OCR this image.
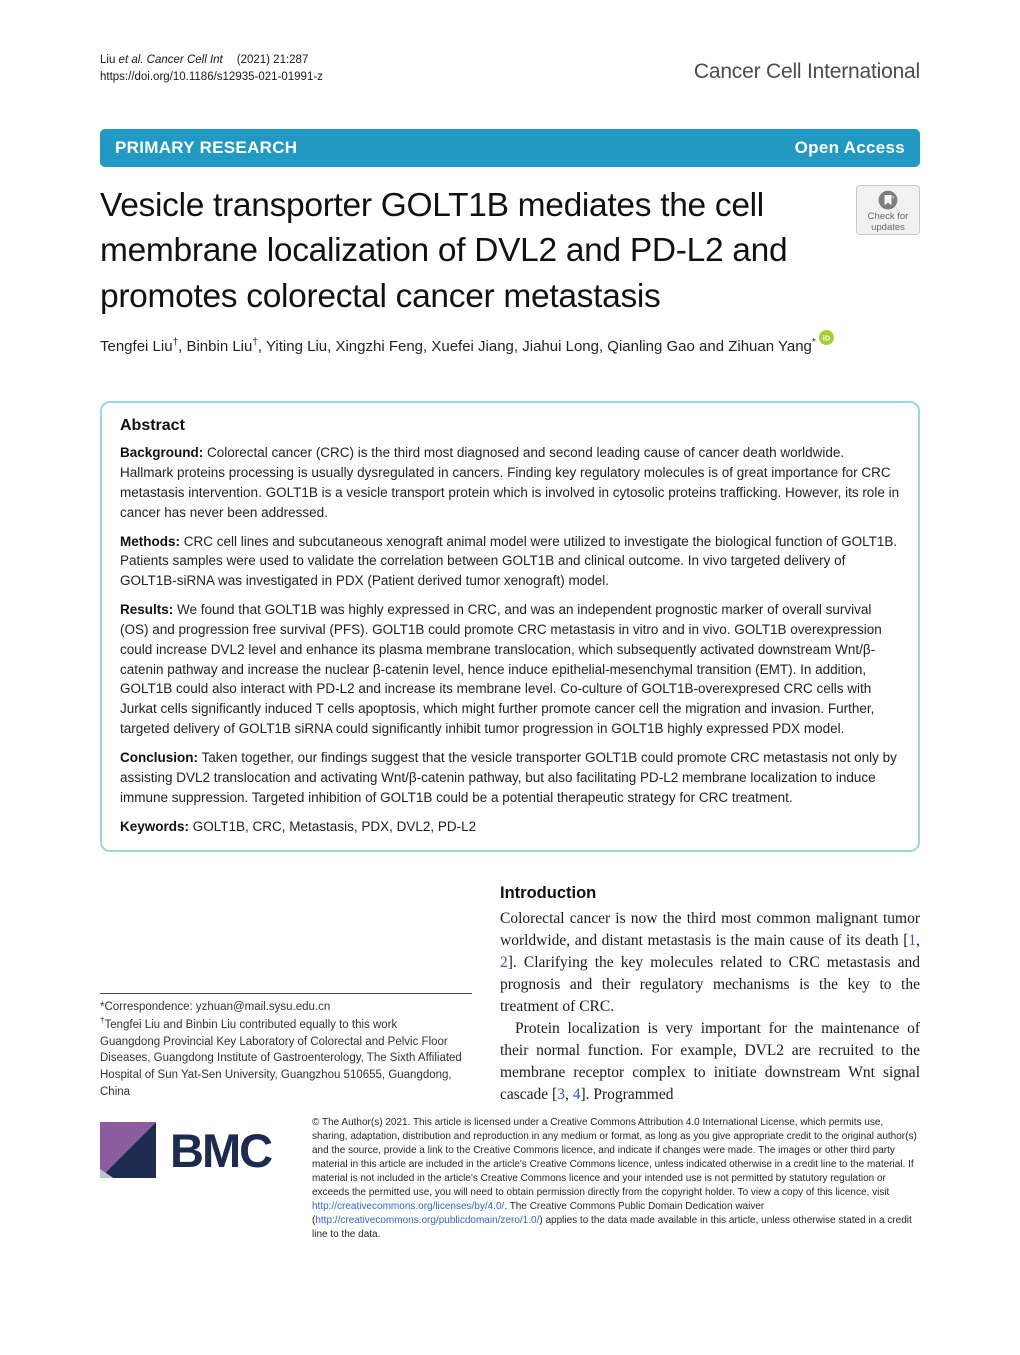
Liu et al. Cancer Cell Int (2021) 21:287
https://doi.org/10.1186/s12935-021-01991-z	Cancer Cell International
PRIMARY RESEARCH	Open Access
Vesicle transporter GOLT1B mediates the cell membrane localization of DVL2 and PD-L2 and promotes colorectal cancer metastasis
Check for
updates
Tengfei Liu†, Binbin Liu†, Yiting Liu, Xingzhi Feng, Xuefei Jiang, Jiahui Long, Qianling Gao and Zihuan Yang* iD
Abstract

Background: Colorectal cancer (CRC) is the third most diagnosed and second leading cause of cancer death worldwide. Hallmark proteins processing is usually dysregulated in cancers. Finding key regulatory molecules is of great importance for CRC metastasis intervention. GOLT1B is a vesicle transport protein which is involved in cytosolic proteins trafficking. However, its role in cancer has never been addressed.

Methods: CRC cell lines and subcutaneous xenograft animal model were utilized to investigate the biological function of GOLT1B. Patients samples were used to validate the correlation between GOLT1B and clinical outcome. In vivo targeted delivery of GOLT1B-siRNA was investigated in PDX (Patient derived tumor xenograft) model.

Results: We found that GOLT1B was highly expressed in CRC, and was an independent prognostic marker of overall survival (OS) and progression free survival (PFS). GOLT1B could promote CRC metastasis in vitro and in vivo. GOLT1B overexpression could increase DVL2 level and enhance its plasma membrane translocation, which subsequently activated downstream Wnt/β-catenin pathway and increase the nuclear β-catenin level, hence induce epithelial-mesenchymal transition (EMT). In addition, GOLT1B could also interact with PD-L2 and increase its membrane level. Co-culture of GOLT1B-overexpresed CRC cells with Jurkat cells significantly induced T cells apoptosis, which might further promote cancer cell the migration and invasion. Further, targeted delivery of GOLT1B siRNA could significantly inhibit tumor progression in GOLT1B highly expressed PDX model.

Conclusion: Taken together, our findings suggest that the vesicle transporter GOLT1B could promote CRC metastasis not only by assisting DVL2 translocation and activating Wnt/β-catenin pathway, but also facilitating PD-L2 membrane localization to induce immune suppression. Targeted inhibition of GOLT1B could be a potential therapeutic strategy for CRC treatment.

Keywords: GOLT1B, CRC, Metastasis, PDX, DVL2, PD-L2

*Correspondence: yzhuan@mail.sysu.edu.cn
†Tengfei Liu and Binbin Liu contributed equally to this work
Guangdong Provincial Key Laboratory of Colorectal and Pelvic Floor Diseases, Guangdong Institute of Gastroenterology, The Sixth Affiliated Hospital of Sun Yat-Sen University, Guangzhou 510655, Guangdong, China
Introduction

Colorectal cancer is now the third most common malignant tumor worldwide, and distant metastasis is the main cause of its death [1, 2]. Clarifying the key molecules related to CRC metastasis and prognosis and their regulatory mechanisms is the key to the treatment of CRC.

Protein localization is very important for the maintenance of their normal function. For example, DVL2 are recruited to the membrane receptor complex to initiate downstream Wnt signal cascade [3, 4]. Programmed

BMC
© The Author(s) 2021. This article is licensed under a Creative Commons Attribution 4.0 International License, which permits use, sharing, adaptation, distribution and reproduction in any medium or format, as long as you give appropriate credit to the original author(s) and the source, provide a link to the Creative Commons licence, and indicate if changes were made. The images or other third party material in this article are included in the article's Creative Commons licence, unless indicated otherwise in a credit line to the material. If material is not included in the article's Creative Commons licence and your intended use is not permitted by statutory regulation or exceeds the permitted use, you will need to obtain permission directly from the copyright holder. To view a copy of this licence, visit http://creativecommons.org/licenses/by/4.0/. The Creative Commons Public Domain Dedication waiver (http://creativecommons.org/publicdomain/zero/1.0/) applies to the data made available in this article, unless otherwise stated in a credit line to the data.
